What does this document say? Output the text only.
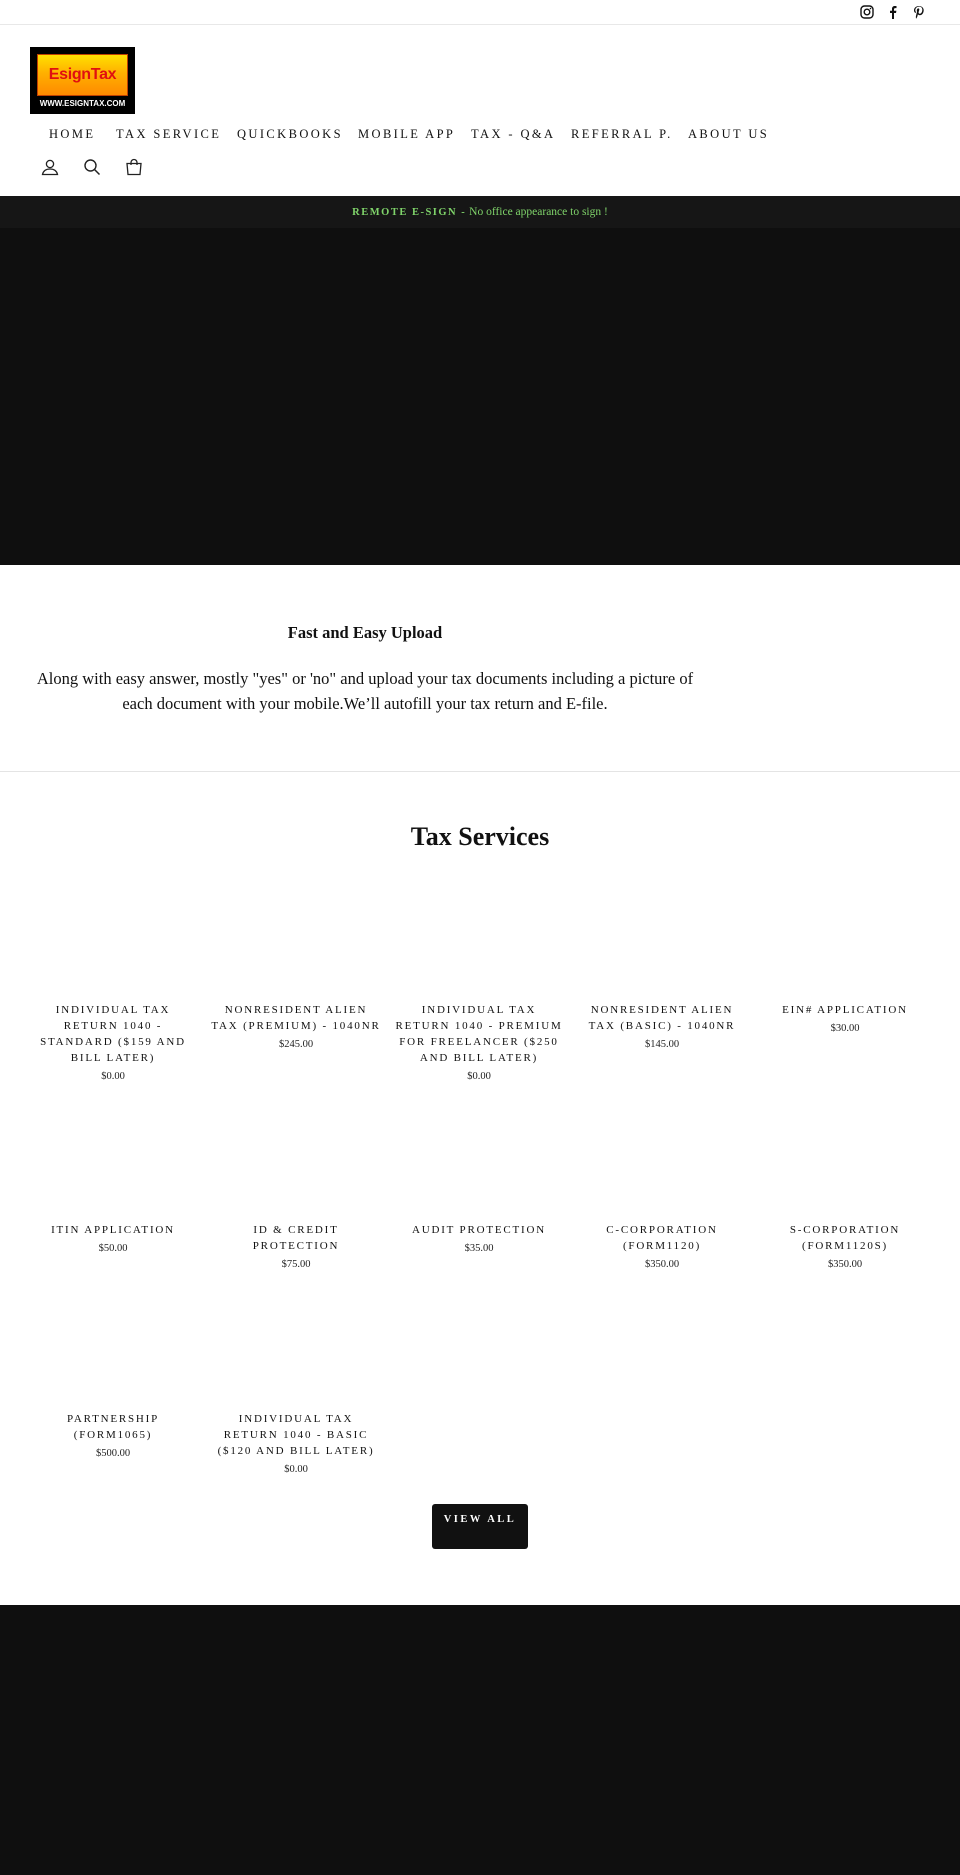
EsignTax
WWW.ESIGNTAX.COM
HOME TAX SERVICE QUICKBOOKS MOBILE APP TAX - Q&A REFERRAL P. ABOUT US
REMOTE E-SIGN - No office appearance to sign !
Fast and Easy Upload

Along with easy answer, mostly "yes" or 'no" and upload your tax documents including a picture of each document with your mobile.We’ll autofill your tax return and E-file.

Tax Services
INDIVIDUAL TAX RETURN 1040 - STANDARD ($159 AND BILL LATER)
$0.00
NONRESIDENT ALIEN TAX (PREMIUM) - 1040NR
$245.00
INDIVIDUAL TAX RETURN 1040 - PREMIUM FOR FREELANCER ($250 AND BILL LATER)
$0.00
NONRESIDENT ALIEN TAX (BASIC) - 1040NR
$145.00
EIN# APPLICATION
$30.00
ITIN APPLICATION
$50.00
ID & CREDIT PROTECTION
$75.00
AUDIT PROTECTION
$35.00
C-CORPORATION (FORM1120)
$350.00
S-CORPORATION (FORM1120S)
$350.00
PARTNERSHIP (FORM1065)
$500.00
INDIVIDUAL TAX RETURN 1040 - BASIC ($120 AND BILL LATER)
$0.00
VIEW ALL
